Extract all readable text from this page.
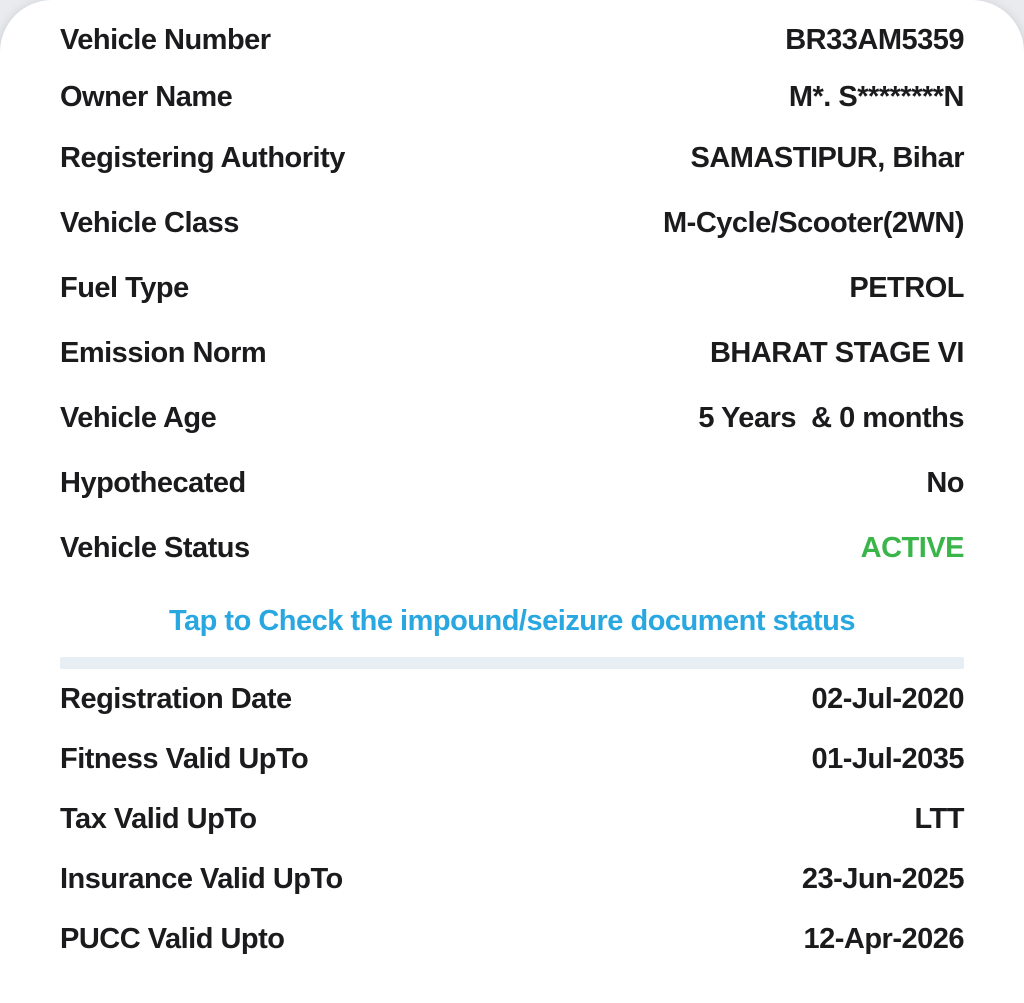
Vehicle Number	BR33AM5359
Owner Name	M*. S********N
Registering Authority	SAMASTIPUR, Bihar
Vehicle Class	M-Cycle/Scooter(2WN)
Fuel Type	PETROL
Emission Norm	BHARAT STAGE VI
Vehicle Age	5 Years  & 0 months
Hypothecated	No
Vehicle Status	ACTIVE
Tap to Check the impound/seizure document status
Registration Date	02-Jul-2020
Fitness Valid UpTo	01-Jul-2035
Tax Valid UpTo	LTT
Insurance Valid UpTo	23-Jun-2025
PUCC Valid Upto	12-Apr-2026
